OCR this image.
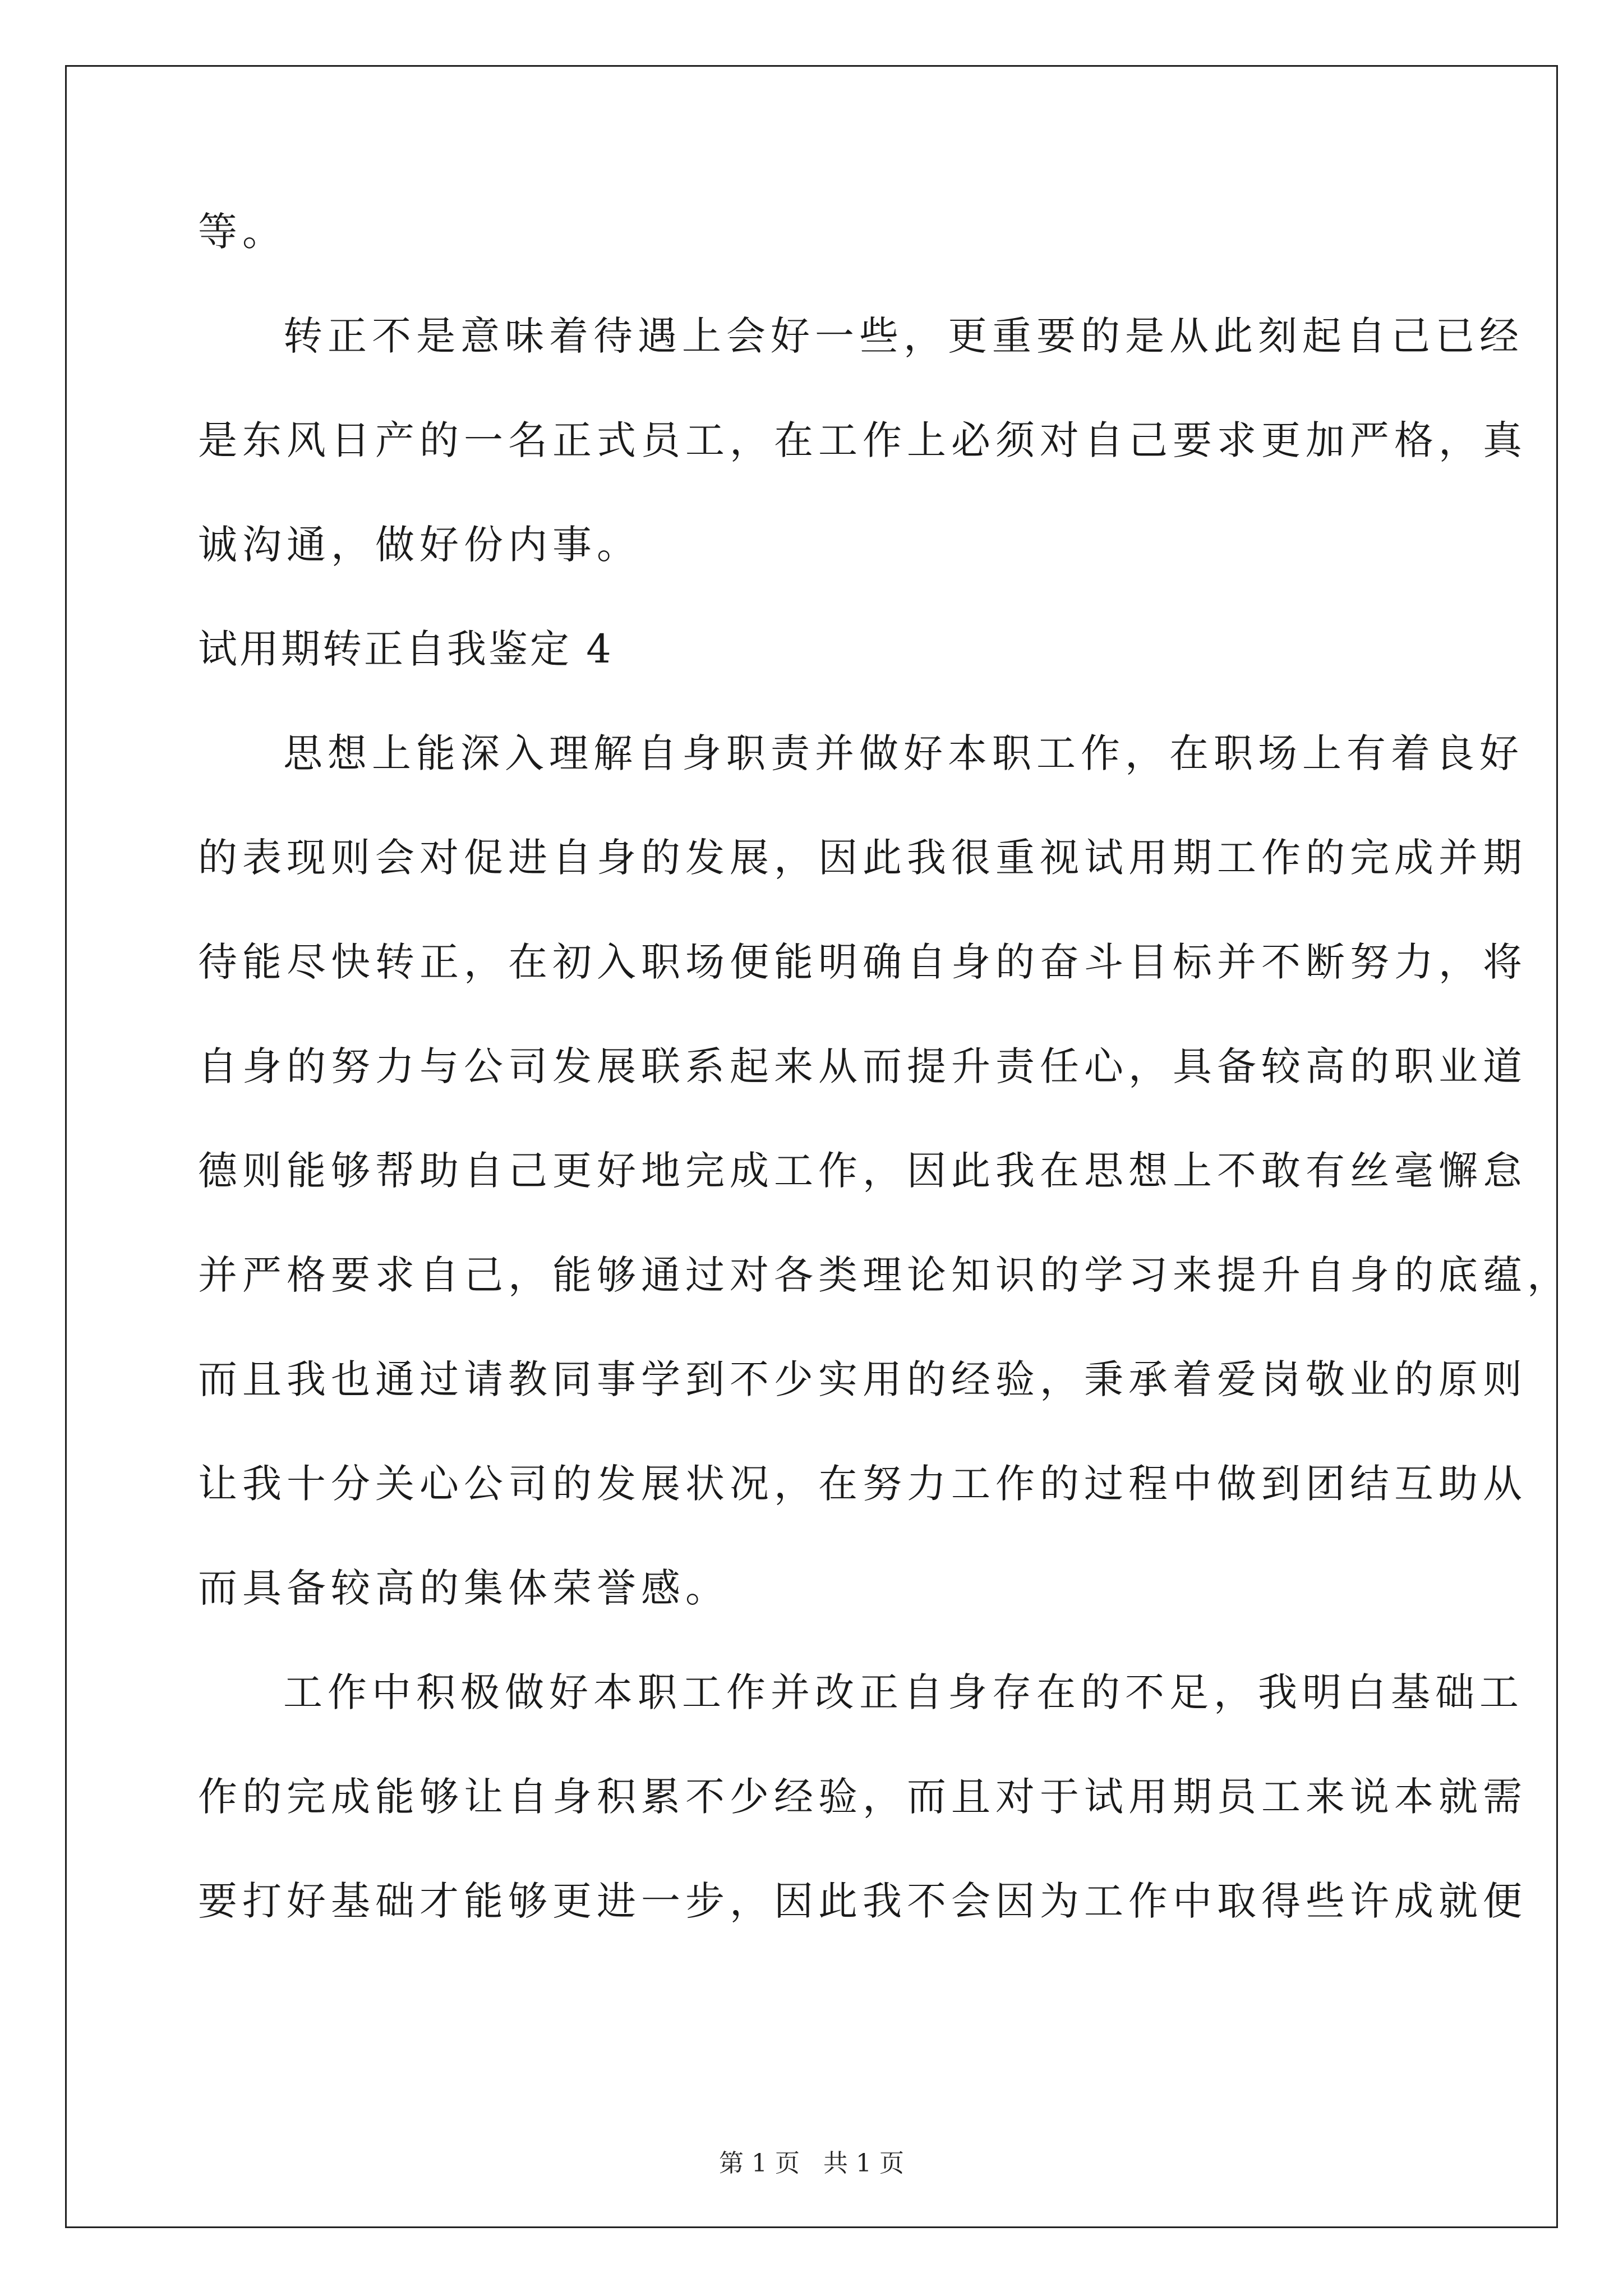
等。
转正不是意味着待遇上会好一些，更重要的是从此刻起自己已经
是东风日产的一名正式员工，在工作上必须对自己要求更加严格，真
诚沟通，做好份内事。
试用期转正自我鉴定 4
思想上能深入理解自身职责并做好本职工作，在职场上有着良好
的表现则会对促进自身的发展，因此我很重视试用期工作的完成并期
待能尽快转正，在初入职场便能明确自身的奋斗目标并不断努力，将
自身的努力与公司发展联系起来从而提升责任心，具备较高的职业道
德则能够帮助自己更好地完成工作，因此我在思想上不敢有丝毫懈怠
并严格要求自己，能够通过对各类理论知识的学习来提升自身的底蕴，
而且我也通过请教同事学到不少实用的经验，秉承着爱岗敬业的原则
让我十分关心公司的发展状况，在努力工作的过程中做到团结互助从
而具备较高的集体荣誉感。
工作中积极做好本职工作并改正自身存在的不足，我明白基础工
作的完成能够让自身积累不少经验，而且对于试用期员工来说本就需
要打好基础才能够更进一步，因此我不会因为工作中取得些许成就便
第 1 页 共 1 页
